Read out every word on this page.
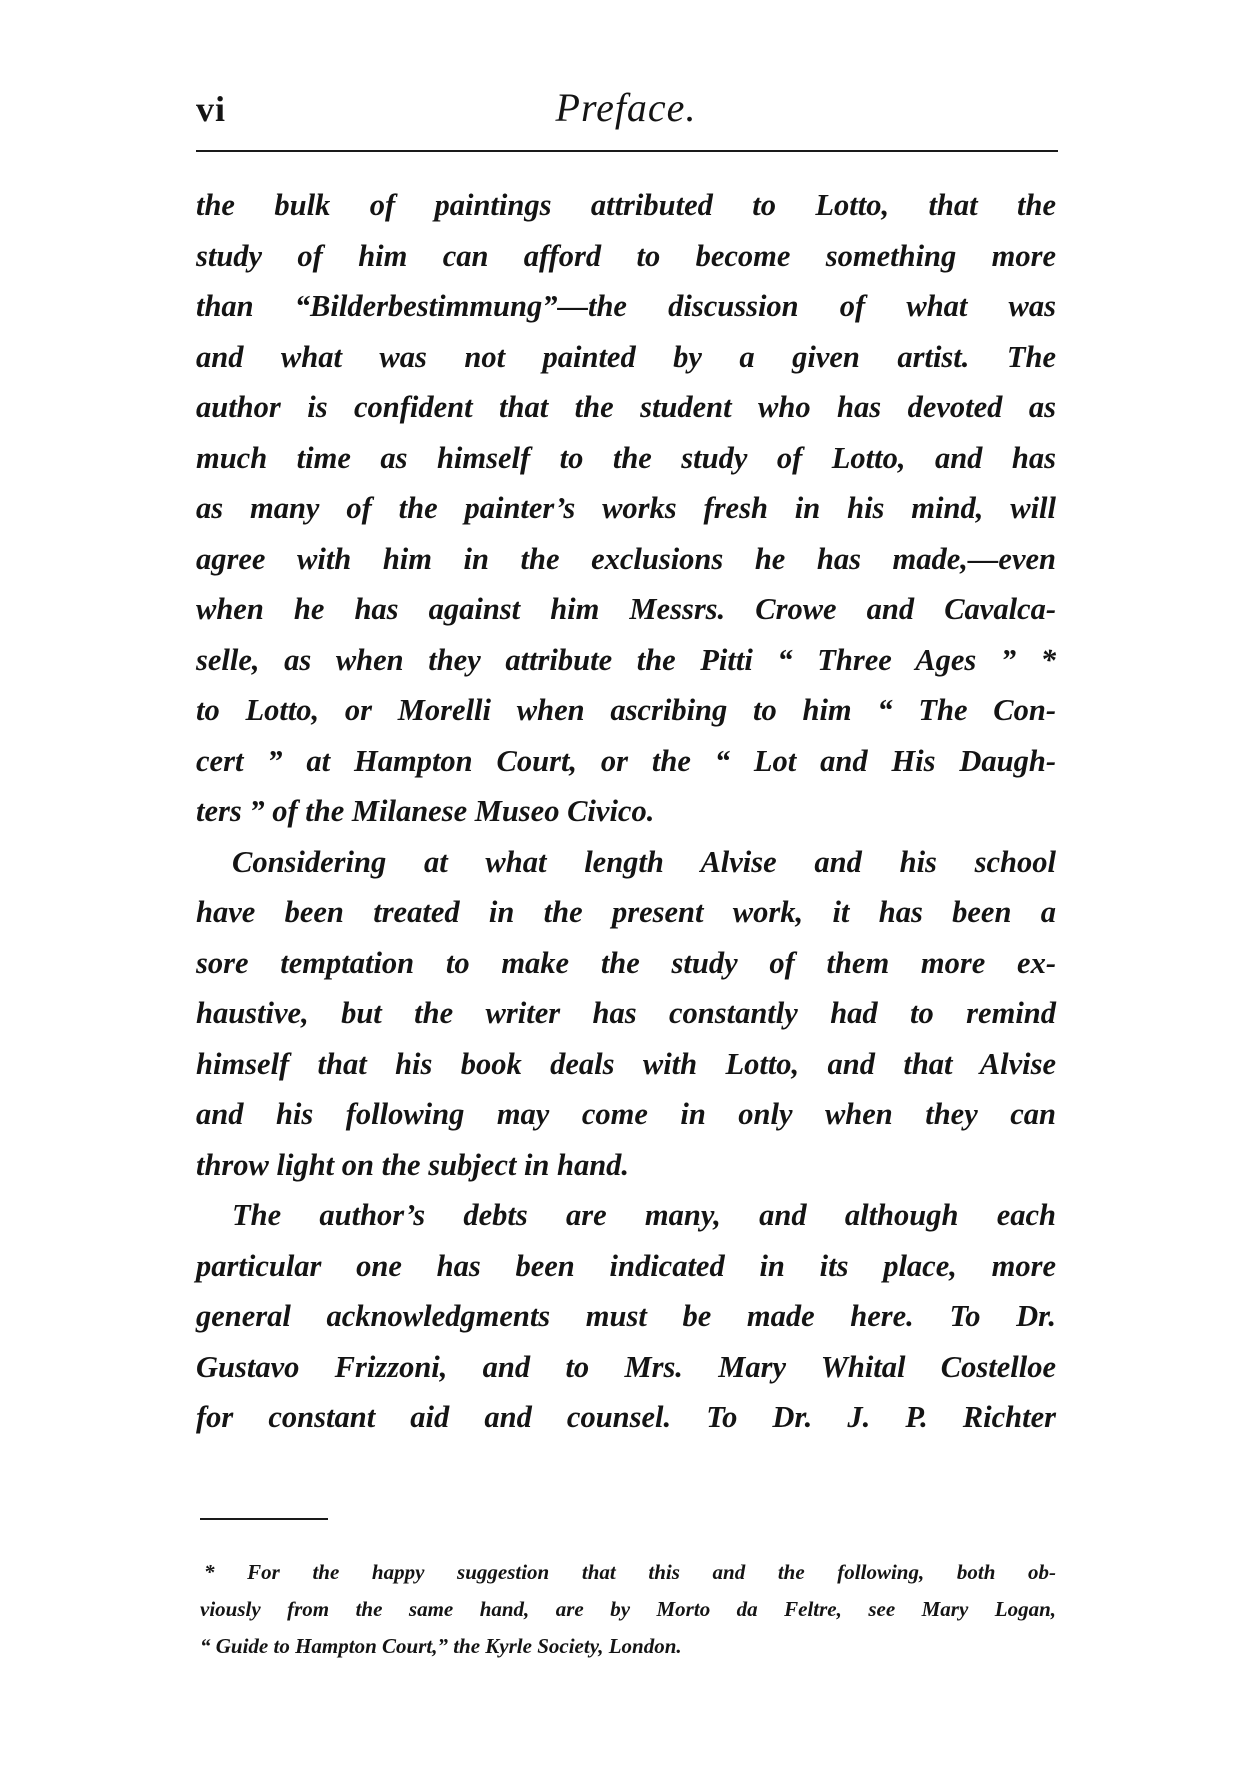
vi	Preface.
the bulk of paintings attributed to Lotto, that the
study of him can afford to become something more
than “Bilderbestimmung”—the discussion of what was
and what was not painted by a given artist. The
author is confident that the student who has devoted as
much time as himself to the study of Lotto, and has
as many of the painter’s works fresh in his mind, will
agree with him in the exclusions he has made,—even
when he has against him Messrs. Crowe and Cavalca-
selle, as when they attribute the Pitti “ Three Ages ” *
to Lotto, or Morelli when ascribing to him “ The Con-
cert ” at Hampton Court, or the “ Lot and His Daugh-
ters ” of the Milanese Museo Civico.
Considering at what length Alvise and his school
have been treated in the present work, it has been a
sore temptation to make the study of them more ex-
haustive, but the writer has constantly had to remind
himself that his book deals with Lotto, and that Alvise
and his following may come in only when they can
throw light on the subject in hand.
The author’s debts are many, and although each
particular one has been indicated in its place, more
general acknowledgments must be made here. To Dr.
Gustavo Frizzoni, and to Mrs. Mary Whital Costelloe
for constant aid and counsel. To Dr. J. P. Richter
* For the happy suggestion that this and the following, both ob-
viously from the same hand, are by Morto da Feltre, see Mary Logan,
“ Guide to Hampton Court,” the Kyrle Society, London.
